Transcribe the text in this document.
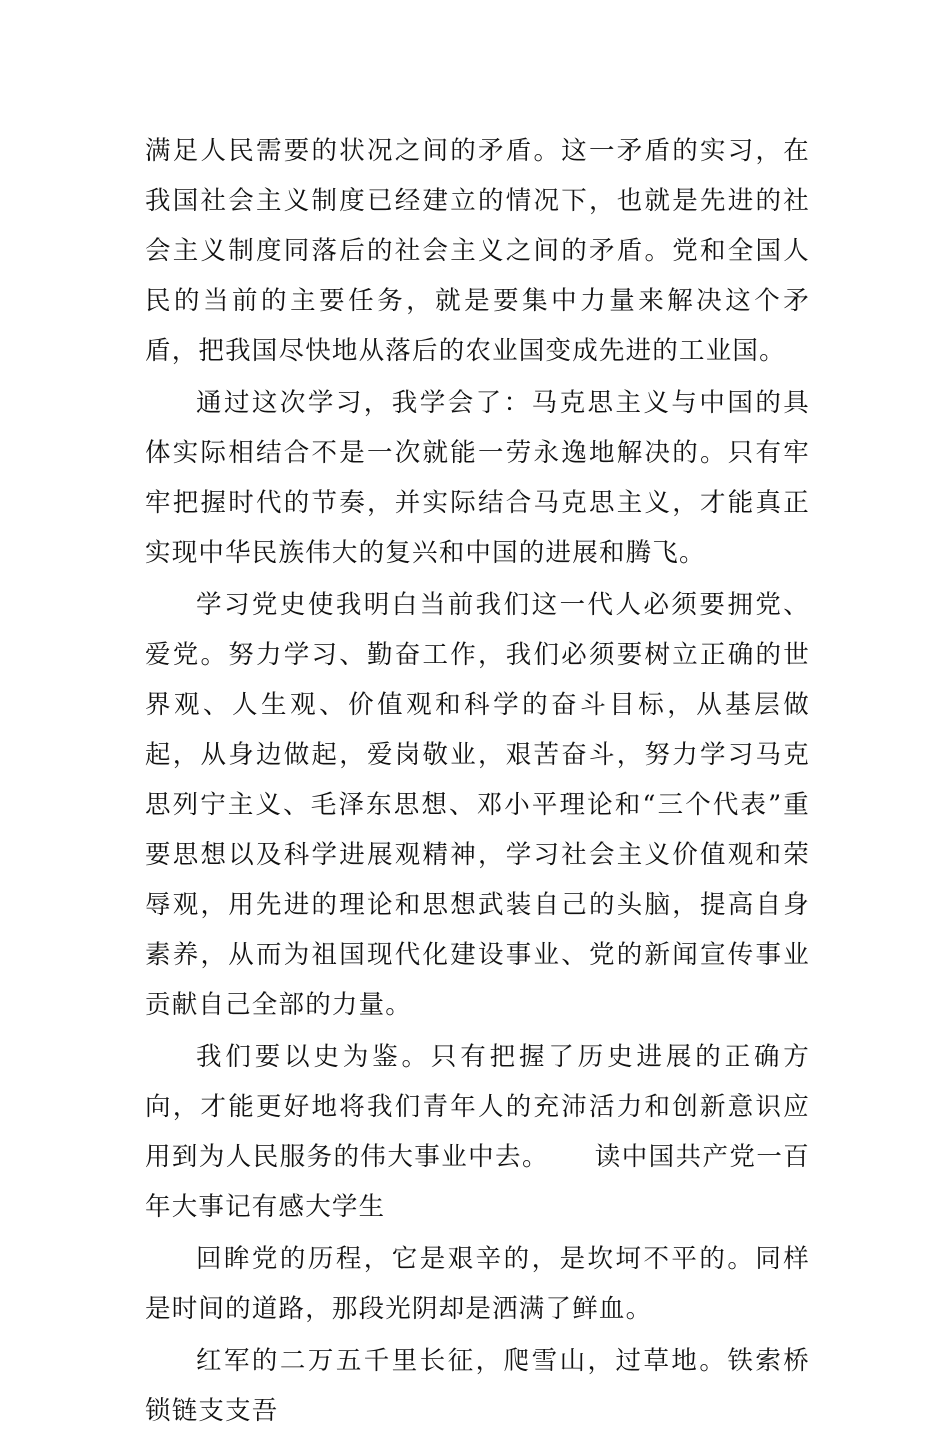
满足人民需要的状况之间的矛盾。这一矛盾的实习，在我国社会主义制度已经建立的情况下，也就是先进的社会主义制度同落后的社会主义之间的矛盾。党和全国人民的当前的主要任务，就是要集中力量来解决这个矛盾，把我国尽快地从落后的农业国变成先进的工业国。

通过这次学习，我学会了：马克思主义与中国的具体实际相结合不是一次就能一劳永逸地解决的。只有牢牢把握时代的节奏，并实际结合马克思主义，才能真正实现中华民族伟大的复兴和中国的进展和腾飞。

学习党史使我明白当前我们这一代人必须要拥党、爱党。努力学习、勤奋工作，我们必须要树立正确的世界观、人生观、价值观和科学的奋斗目标，从基层做起，从身边做起，爱岗敬业，艰苦奋斗，努力学习马克思列宁主义、毛泽东思想、邓小平理论和“三个代表”重要思想以及科学进展观精神，学习社会主义价值观和荣辱观，用先进的理论和思想武装自己的头脑，提高自身素养，从而为祖国现代化建设事业、党的新闻宣传事业贡献自己全部的力量。

我们要以史为鉴。只有把握了历史进展的正确方向，才能更好地将我们青年人的充沛活力和创新意识应用到为人民服务的伟大事业中去。 读中国共产党一百年大事记有感大学生

回眸党的历程，它是艰辛的，是坎坷不平的。同样是时间的道路，那段光阴却是洒满了鲜血。

红军的二万五千里长征，爬雪山，过草地。铁索桥锁链支支吾
